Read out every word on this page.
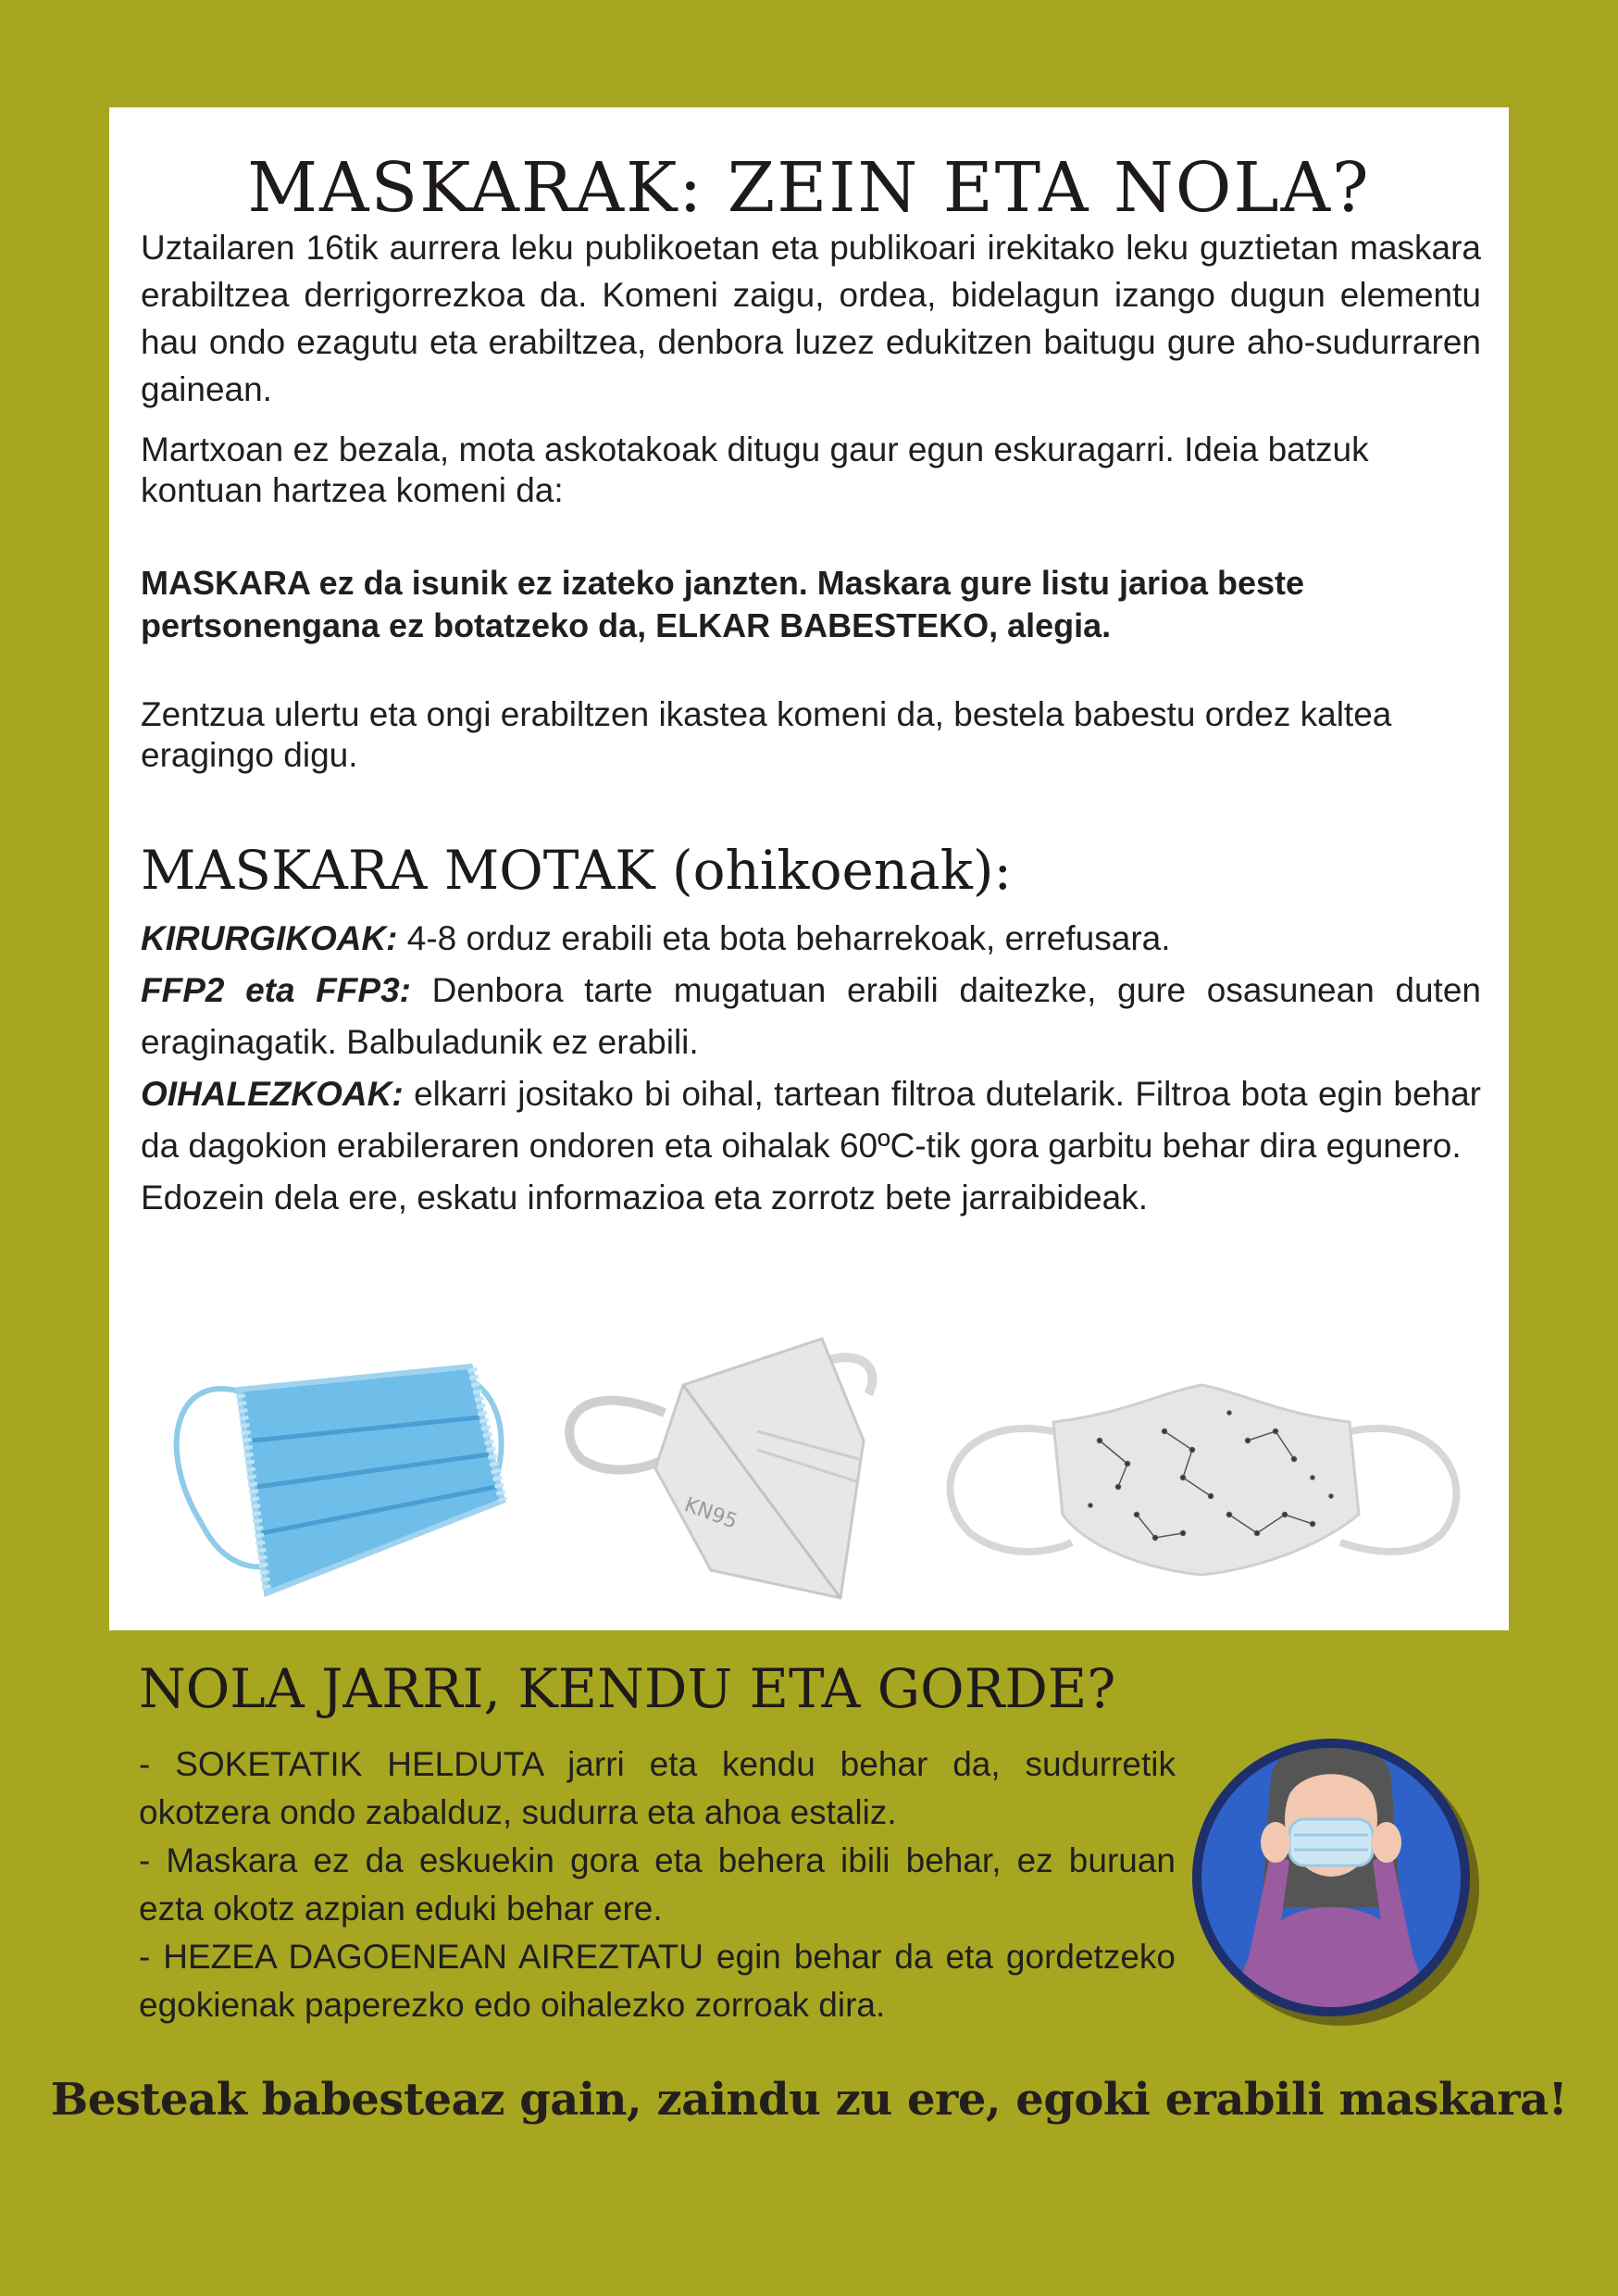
MASKARAK: ZEIN ETA NOLA?

Uztailaren 16tik aurrera leku publikoetan eta publikoari irekitako leku guztietan maskara erabiltzea derrigorrezkoa da. Komeni zaigu, ordea, bidelagun izango dugun elementu hau ondo ezagutu eta erabiltzea, denbora luzez edukitzen baitugu gure aho-sudurraren gainean.

Martxoan ez bezala, mota askotakoak ditugu gaur egun eskuragarri. Ideia batzuk kontuan hartzea komeni da:

MASKARA ez da isunik ez izateko janzten. Maskara gure listu jarioa beste pertsonengana ez botatzeko da, ELKAR BABESTEKO, alegia.

Zentzua ulertu eta ongi erabiltzen ikastea komeni da, bestela babestu ordez kaltea eragingo digu.

MASKARA MOTAK (ohikoenak):

KIRURGIKOAK: 4-8 orduz erabili eta bota beharrekoak, errefusara.

FFP2 eta FFP3: Denbora tarte mugatuan erabili daitezke, gure osasunean duten eraginagatik. Balbuladunik ez erabili.

OIHALEZKOAK: elkarri jositako bi oihal, tartean filtroa dutelarik. Filtroa bota egin behar da dagokion erabileraren ondoren eta oihalak 60ºC-tik gora garbitu behar dira egunero.

Edozein dela ere, eskatu informazioa eta zorrotz bete jarraibideak.

KN95
NOLA JARRI, KENDU ETA GORDE?

- SOKETATIK HELDUTA jarri eta kendu behar da, sudurretik okotzera ondo zabalduz, sudurra eta ahoa estaliz.

- Maskara ez da eskuekin gora eta behera ibili behar, ez buruan ezta okotz azpian eduki behar ere.

- HEZEA DAGOENEAN AIREZTATU egin behar da eta gordetzeko egokienak paperezko edo oihalezko zorroak dira.

Besteak babesteaz gain, zaindu zu ere, egoki erabili maskara!
